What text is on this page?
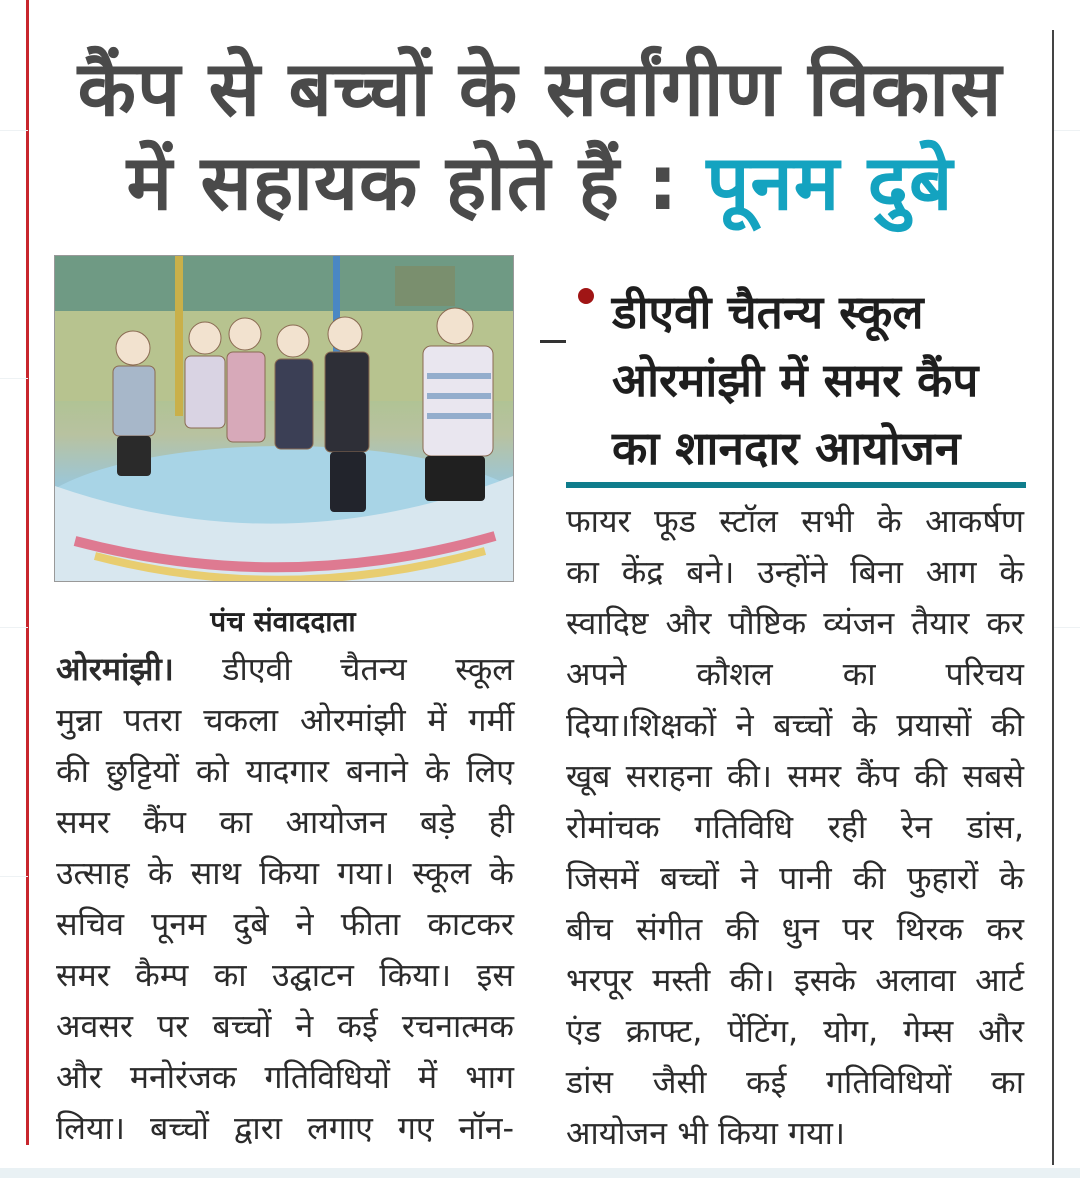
कैंप से बच्चों के सर्वांगीण विकास
में सहायक होते हैं : पूनम दुबे
पंच संवाददाता
ओरमांझी। डीएवी चैतन्य स्कूल
मुन्ना पतरा चकला ओरमांझी में गर्मी
की छुट्टियों को यादगार बनाने के लिए
समर कैंप का आयोजन बड़े ही
उत्साह के साथ किया गया। स्कूल के
सचिव पूनम दुबे ने फीता काटकर
समर कैम्प का उद्घाटन किया। इस
अवसर पर बच्चों ने कई रचनात्मक
और मनोरंजक गतिविधियों में भाग
लिया। बच्चों द्वारा लगाए गए नॉन-
डीएवी चैतन्य स्कूल
ओरमांझी में समर कैंप
का शानदार आयोजन
फायर फूड स्टॉल सभी के आकर्षण
का केंद्र बने। उन्होंने बिना आग के
स्वादिष्ट और पौष्टिक व्यंजन तैयार कर
अपने कौशल का परिचय
दिया।शिक्षकों ने बच्चों के प्रयासों की
खूब सराहना की। समर कैंप की सबसे
रोमांचक गतिविधि रही रेन डांस,
जिसमें बच्चों ने पानी की फुहारों के
बीच संगीत की धुन पर थिरक कर
भरपूर मस्ती की। इसके अलावा आर्ट
एंड क्राफ्ट, पेंटिंग, योग, गेम्स और
डांस जैसी कई गतिविधियों का
आयोजन भी किया गया।
